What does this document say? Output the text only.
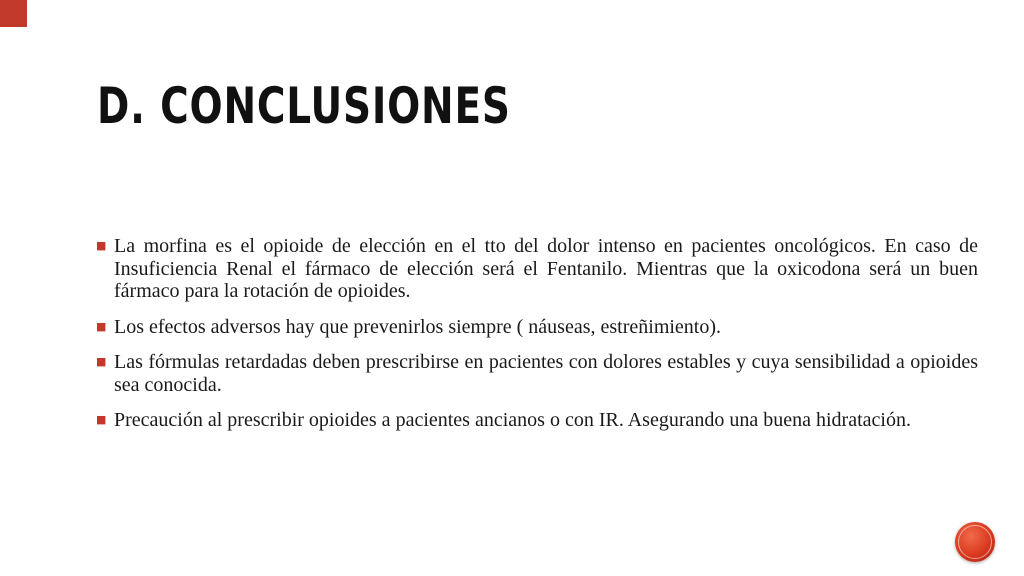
D. CONCLUSIONES
■ La morfina es el opioide de elección en el tto del dolor intenso en pacientes oncológicos. En caso de Insuficiencia Renal el fármaco de elección será el Fentanilo. Mientras que la oxicodona será un buen fármaco para la rotación de opioides.
■ Los efectos adversos hay que prevenirlos siempre ( náuseas, estreñimiento).
■ Las fórmulas retardadas deben prescribirse en pacientes con dolores estables y cuya sensibilidad a opioides sea conocida.
■ Precaución al prescribir opioides a pacientes ancianos o con IR. Asegurando una buena hidratación.
